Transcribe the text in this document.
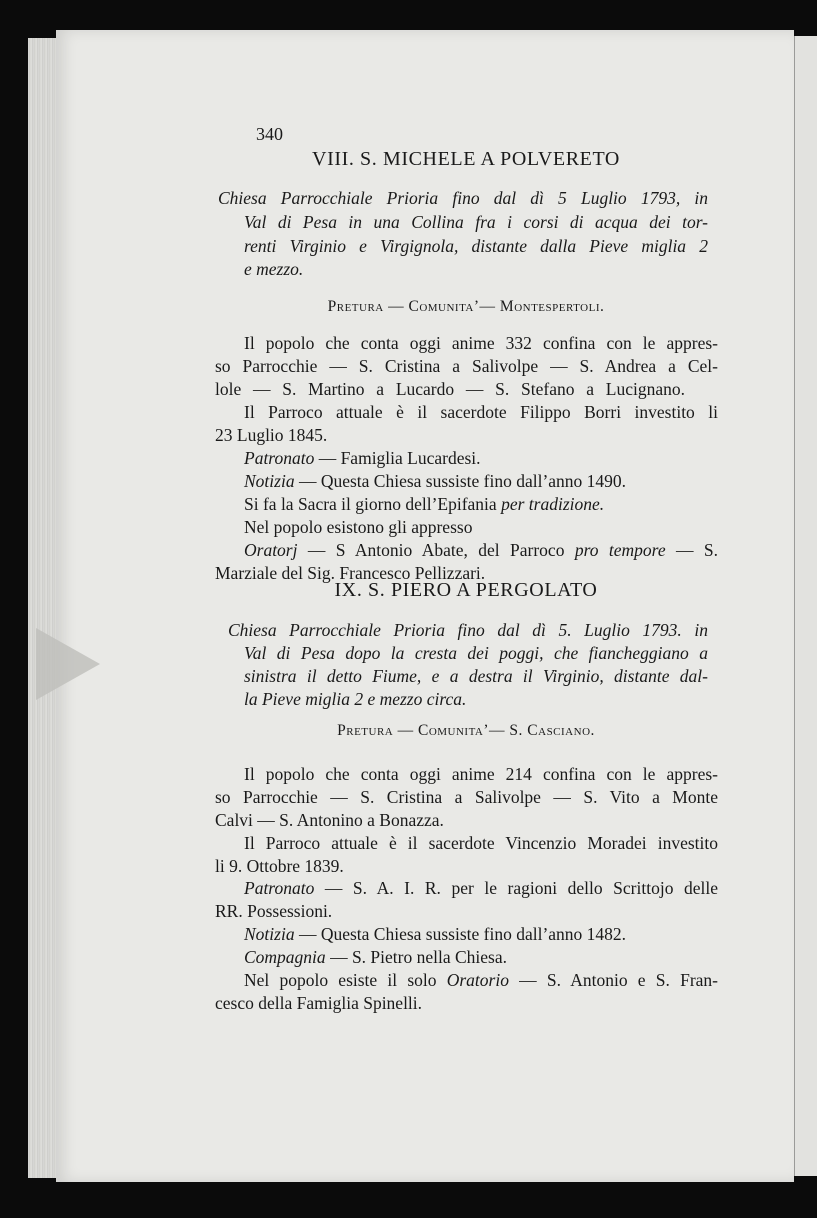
340
VIII. S. MICHELE A POLVERETO
Chiesa Parrocchiale Prioria fino dal dì 5 Luglio 1793, in
Val di Pesa in una Collina fra i corsi di acqua dei tor-
renti Virginio e Virgignola, distante dalla Pieve miglia 2
e mezzo.
Pretura — Comunita’— Montespertoli.
Il popolo che conta oggi anime 332 confina con le appres-
so Parrocchie — S. Cristina a Salivolpe — S. Andrea a Cel-
lole — S. Martino a Lucardo — S. Stefano a Lucignano.
Il Parroco attuale è il sacerdote Filippo Borri investito li
23 Luglio 1845.
Patronato — Famiglia Lucardesi.
Notizia — Questa Chiesa sussiste fino dall’anno 1490.
Si fa la Sacra il giorno dell’Epifania per tradizione.
Nel popolo esistono gli appresso
Oratorj — S Antonio Abate, del Parroco pro tempore — S.
Marziale del Sig. Francesco Pellizzari.
IX. S. PIERO A PERGOLATO
Chiesa Parrocchiale Prioria fino dal dì 5. Luglio 1793. in
Val di Pesa dopo la cresta dei poggi, che fiancheggiano a
sinistra il detto Fiume, e a destra il Virginio, distante dal-
la Pieve miglia 2 e mezzo circa.
Pretura — Comunita’— S. Casciano.
Il popolo che conta oggi anime 214 confina con le appres-
so Parrocchie — S. Cristina a Salivolpe — S. Vito a Monte
Calvi — S. Antonino a Bonazza.
Il Parroco attuale è il sacerdote Vincenzio Moradei investito
li 9. Ottobre 1839.
Patronato — S. A. I. R. per le ragioni dello Scrittojo delle
RR. Possessioni.
Notizia — Questa Chiesa sussiste fino dall’anno 1482.
Compagnia — S. Pietro nella Chiesa.
Nel popolo esiste il solo Oratorio — S. Antonio e S. Fran-
cesco della Famiglia Spinelli.
